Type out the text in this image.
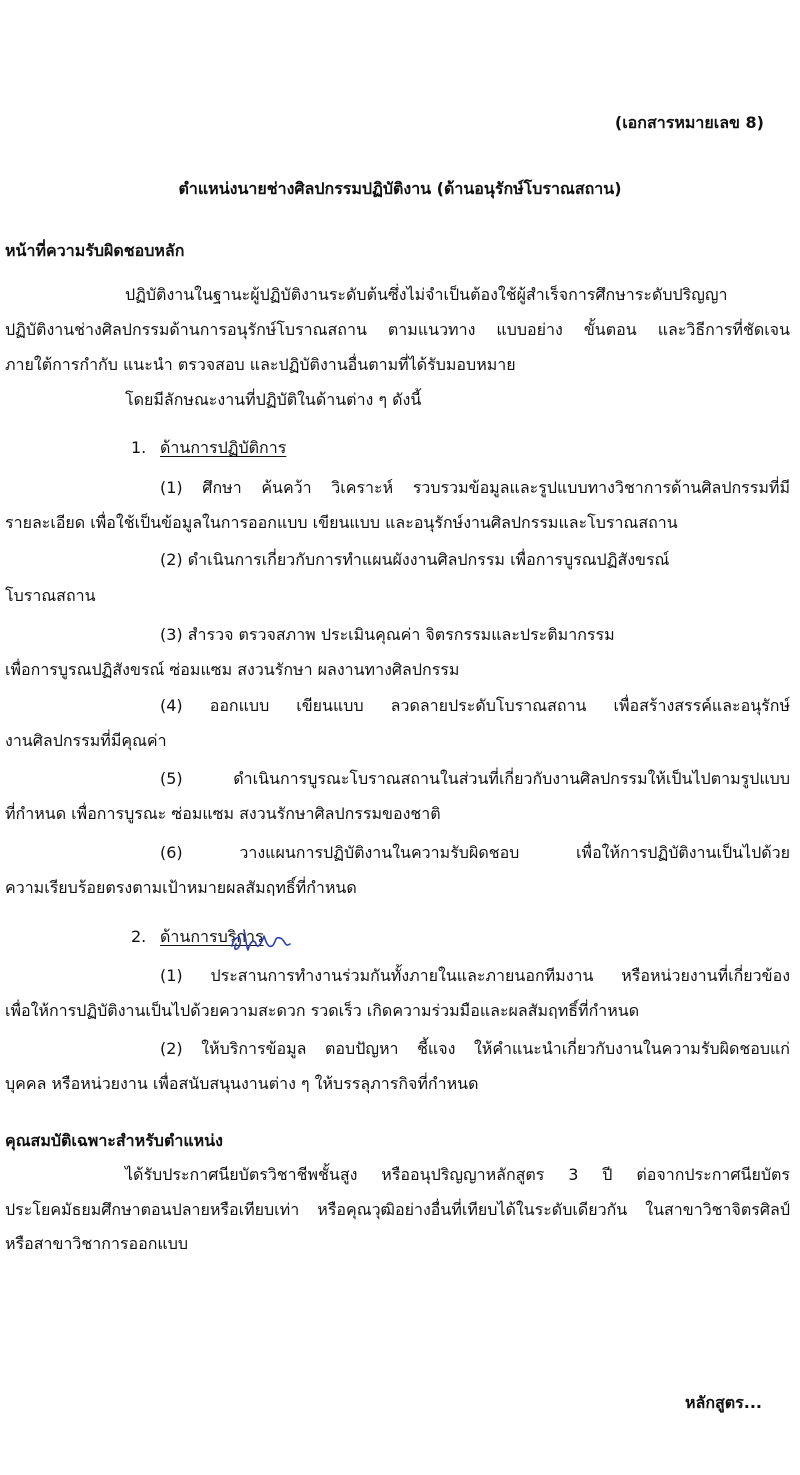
(เอกสารหมายเลข 8)
ตำแหน่งนายช่างศิลปกรรมปฏิบัติงาน (ด้านอนุรักษ์โบราณสถาน)
หน้าที่ความรับผิดชอบหลัก
ปฏิบัติงานในฐานะผู้ปฏิบัติงานระดับต้นซึ่งไม่จำเป็นต้องใช้ผู้สำเร็จการศึกษาระดับปริญญา
ปฏิบัติงานช่างศิลปกรรมด้านการอนุรักษ์โบราณสถาน ตามแนวทาง แบบอย่าง ขั้นตอน และวิธีการที่ชัดเจน
ภายใต้การกำกับ แนะนำ ตรวจสอบ และปฏิบัติงานอื่นตามที่ได้รับมอบหมาย
โดยมีลักษณะงานที่ปฏิบัติในด้านต่าง ๆ ดังนี้
1. ด้านการปฏิบัติการ
(1) ศึกษา ค้นคว้า วิเคราะห์ รวบรวมข้อมูลและรูปแบบทางวิชาการด้านศิลปกรรมที่มี
รายละเอียด เพื่อใช้เป็นข้อมูลในการออกแบบ เขียนแบบ และอนุรักษ์งานศิลปกรรมและโบราณสถาน
(2) ดำเนินการเกี่ยวกับการทำแผนผังงานศิลปกรรม เพื่อการบูรณปฏิสังขรณ์
โบราณสถาน
(3) สำรวจ ตรวจสภาพ ประเมินคุณค่า จิตรกรรมและประติมากรรม
เพื่อการบูรณปฏิสังขรณ์ ซ่อมแซม สงวนรักษา ผลงานทางศิลปกรรม
(4) ออกแบบ เขียนแบบ ลวดลายประดับโบราณสถาน เพื่อสร้างสรรค์และอนุรักษ์
งานศิลปกรรมที่มีคุณค่า
(5) ดำเนินการบูรณะโบราณสถานในส่วนที่เกี่ยวกับงานศิลปกรรมให้เป็นไปตามรูปแบบ
ที่กำหนด เพื่อการบูรณะ ซ่อมแซม สงวนรักษาศิลปกรรมของชาติ
(6) วางแผนการปฏิบัติงานในความรับผิดชอบ เพื่อให้การปฏิบัติงานเป็นไปด้วย
ความเรียบร้อยตรงตามเป้าหมายผลสัมฤทธิ์ที่กำหนด
2. ด้านการบริการ
(1) ประสานการทำงานร่วมกันทั้งภายในและภายนอกทีมงาน หรือหน่วยงานที่เกี่ยวข้อง
เพื่อให้การปฏิบัติงานเป็นไปด้วยความสะดวก รวดเร็ว เกิดความร่วมมือและผลสัมฤทธิ์ที่กำหนด
(2) ให้บริการข้อมูล ตอบปัญหา ชี้แจง ให้คำแนะนำเกี่ยวกับงานในความรับผิดชอบแก่
บุคคล หรือหน่วยงาน เพื่อสนับสนุนงานต่าง ๆ ให้บรรลุภารกิจที่กำหนด
คุณสมบัติเฉพาะสำหรับตำแหน่ง
ได้รับประกาศนียบัตรวิชาชีพชั้นสูง หรืออนุปริญญาหลักสูตร 3 ปี ต่อจากประกาศนียบัตร
ประโยคมัธยมศึกษาตอนปลายหรือเทียบเท่า หรือคุณวุฒิอย่างอื่นที่เทียบได้ในระดับเดียวกัน ในสาขาวิชาจิตรศิลป์
หรือสาขาวิชาการออกแบบ
หลักสูตร...
